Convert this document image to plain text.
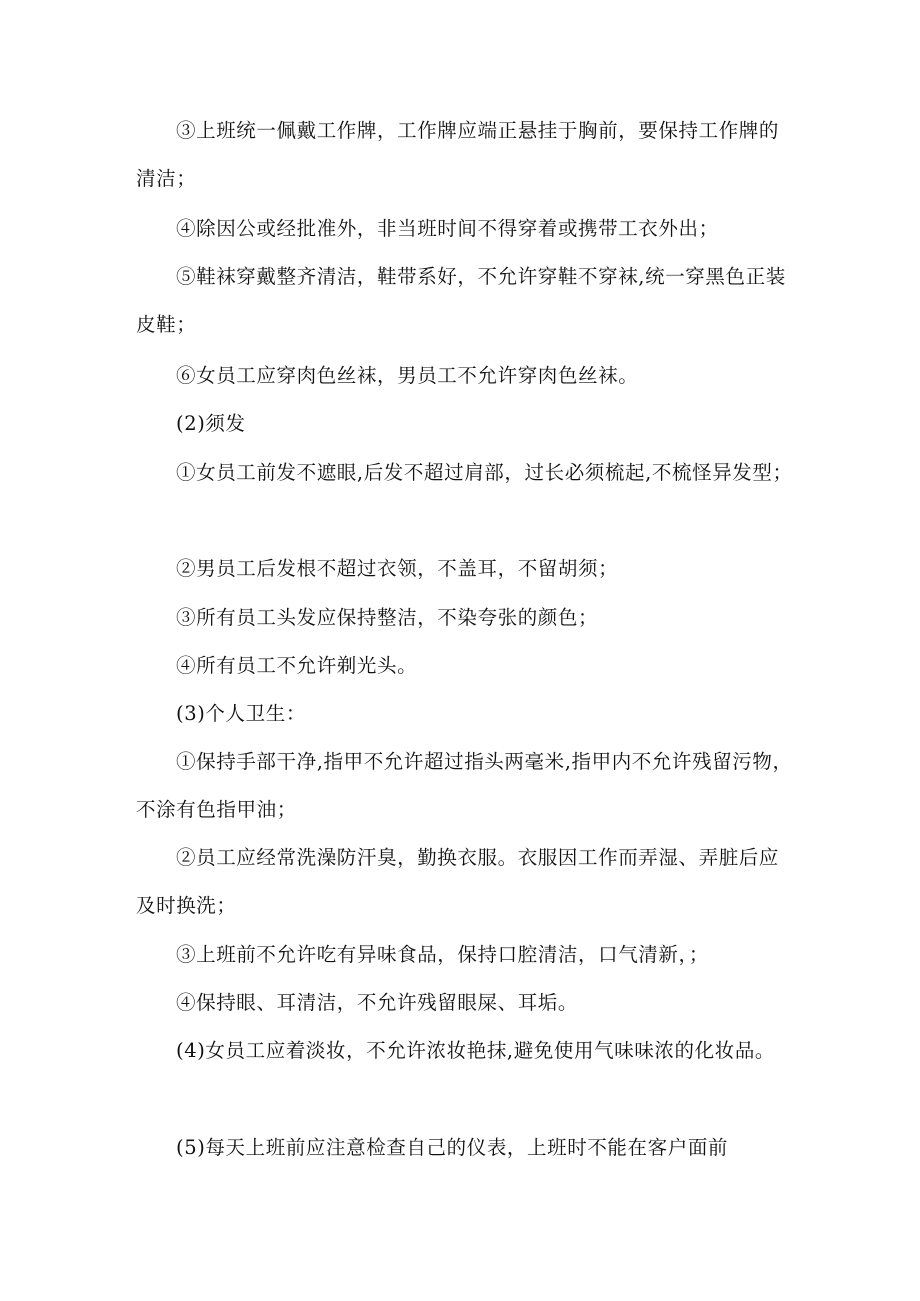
③上班统一佩戴工作牌，工作牌应端正悬挂于胸前，要保持工作牌的清洁；

④除因公或经批准外，非当班时间不得穿着或携带工衣外出；

⑤鞋袜穿戴整齐清洁，鞋带系好，不允许穿鞋不穿袜,统一穿黑色正装皮鞋；

⑥女员工应穿肉色丝袜，男员工不允许穿肉色丝袜。

(2)须发

①女员工前发不遮眼,后发不超过肩部，过长必须梳起,不梳怪异发型；

②男员工后发根不超过衣领，不盖耳，不留胡须；

③所有员工头发应保持整洁，不染夸张的颜色；

④所有员工不允许剃光头。

(3)个人卫生：

①保持手部干净,指甲不允许超过指头两毫米,指甲内不允许残留污物，不涂有色指甲油；

②员工应经常洗澡防汗臭，勤换衣服。衣服因工作而弄湿、弄脏后应及时换洗；

③上班前不允许吃有异味食品，保持口腔清洁，口气清新，；

④保持眼、耳清洁，不允许残留眼屎、耳垢。

(4)女员工应着淡妆，不允许浓妆艳抹,避免使用气味味浓的化妆品。

(5)每天上班前应注意检查自己的仪表，上班时不能在客户面前
